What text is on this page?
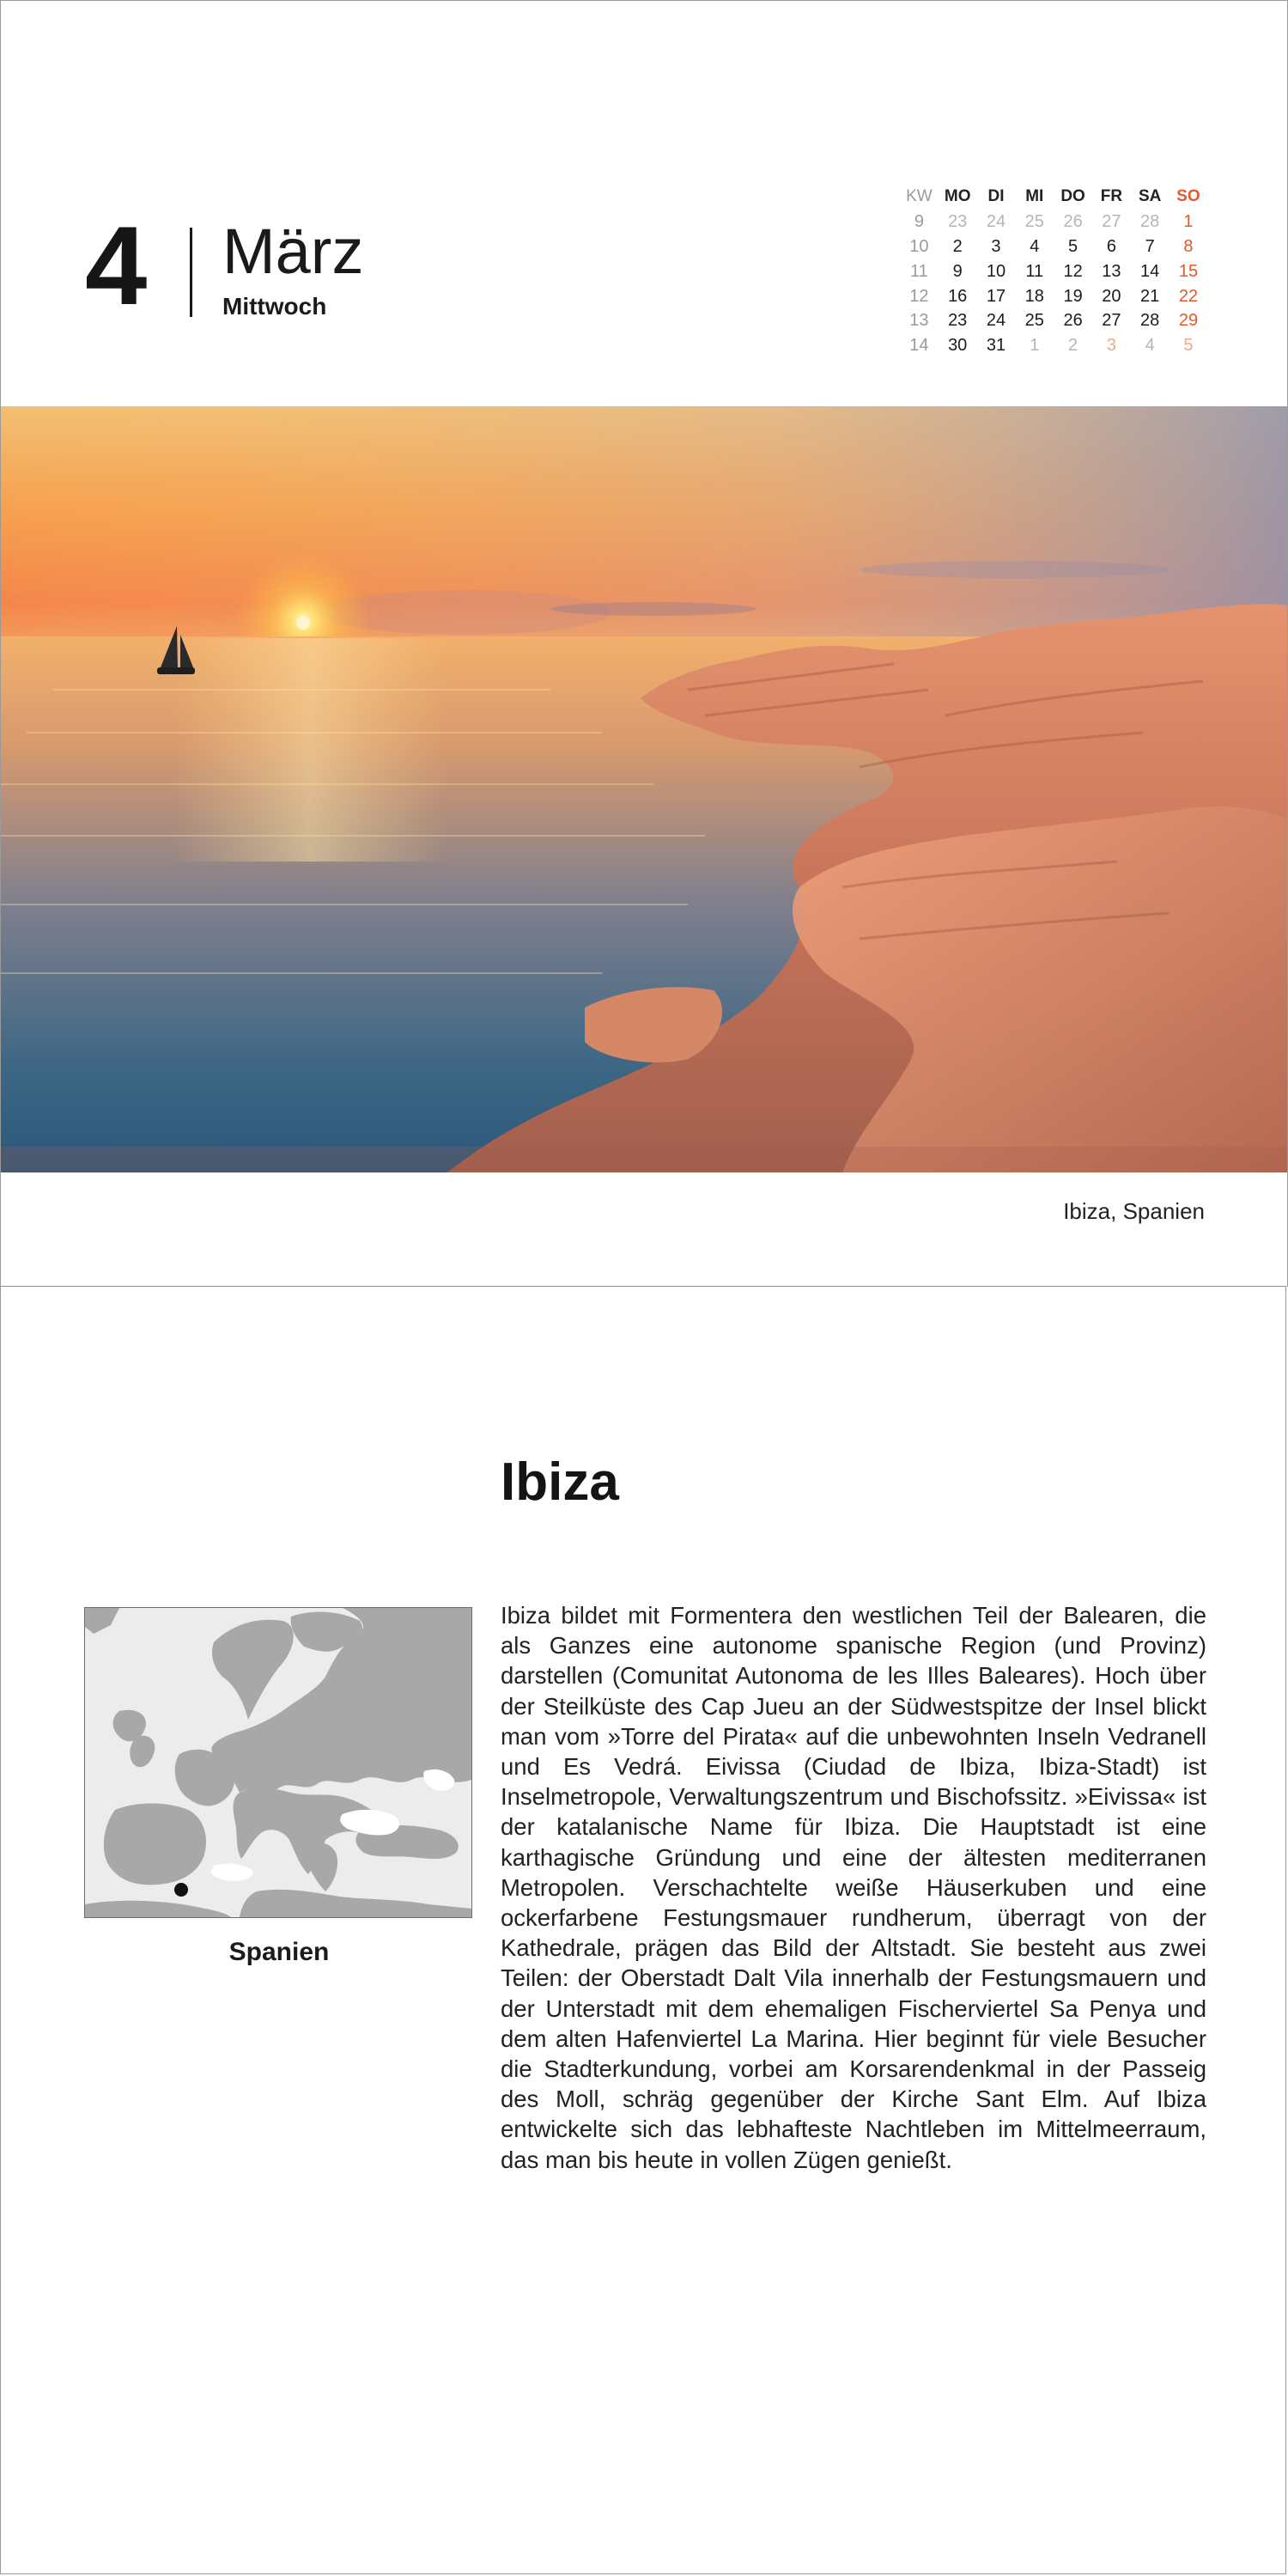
4 März
Mittwoch
KW	MO	DI	MI	DO	FR	SA	SO
9	23	24	25	26	27	28	1
10	2	3	4	5	6	7	8
11	9	10	11	12	13	14	15
12	16	17	18	19	20	21	22
13	23	24	25	26	27	28	29
14	30	31	1	2	3	4	5
Ibiza, Spanien
Ibiza
Spanien
Ibiza bildet mit Formentera den westlichen Teil der Balearen, die als Ganzes eine autonome spanische Region (und Provinz) darstellen (Comunitat Autonoma de les Illes Baleares). Hoch über der Steilküste des Cap Jueu an der Südwestspitze der Insel blickt man vom »Torre del Pirata« auf die unbewohnten Inseln Vedranell und Es Vedrá. Eivissa (Ciudad de Ibiza, Ibiza-Stadt) ist Inselmetropole, Verwaltungszentrum und Bischofssitz. »Eivissa« ist der katalanische Name für Ibiza. Die Hauptstadt ist eine karthagische Gründung und eine der ältesten mediterranen Metropolen. Verschachtelte weiße Häuserkuben und eine ockerfarbene Festungsmauer rundherum, überragt von der Kathedrale, prägen das Bild der Altstadt. Sie besteht aus zwei Teilen: der Oberstadt Dalt Vila innerhalb der Festungsmauern und der Unterstadt mit dem ehemaligen Fischerviertel Sa Penya und dem alten Hafenviertel La Marina. Hier beginnt für viele Besucher die Stadterkundung, vorbei am Korsarendenkmal in der Passeig des Moll, schräg gegenüber der Kirche Sant Elm. Auf Ibiza entwickelte sich das lebhafteste Nachtleben im Mittelmeerraum, das man bis heute in vollen Zügen genießt.
